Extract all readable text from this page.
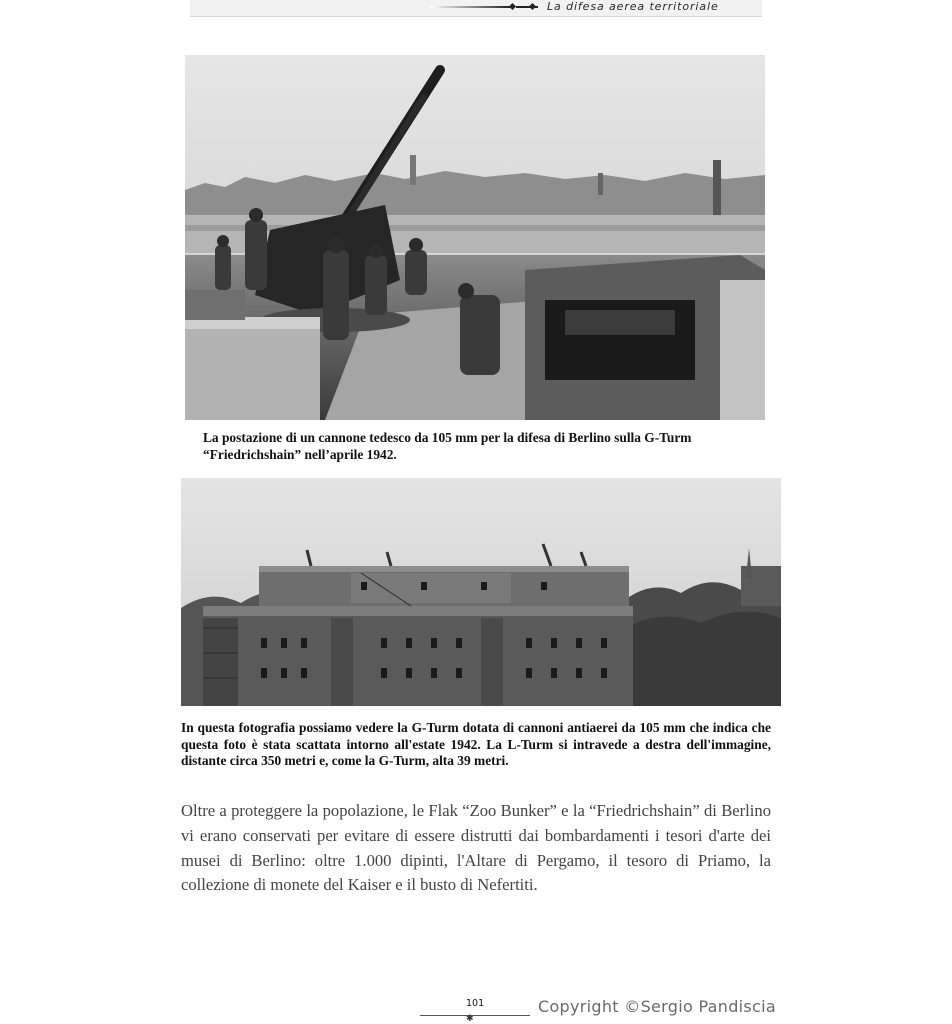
La difesa aerea territoriale
La postazione di un cannone tedesco da 105 mm per la difesa di Berlino sulla G-Turm
“Friedrichshain” nell’aprile 1942.
In questa fotografia possiamo vedere la G-Turm dotata di cannoni antiaerei da 105 mm che indica che questa foto è stata scattata intorno all'estate 1942. La L-Turm si intravede a destra dell'immagine, distante circa 350 metri e, come la G-Turm, alta 39 metri.
Oltre a proteggere la popolazione, le Flak “Zoo Bunker” e la “Friedrichshain” di Berlino vi erano conservati per evitare di essere distrutti dai bombardamenti i tesori d'arte dei musei di Berlino: oltre 1.000 dipinti, l'Altare di Pergamo, il tesoro di Priamo, la collezione di monete del Kaiser e il busto di Nefertiti.
101
✱
Copyright ©Sergio Pandiscia
